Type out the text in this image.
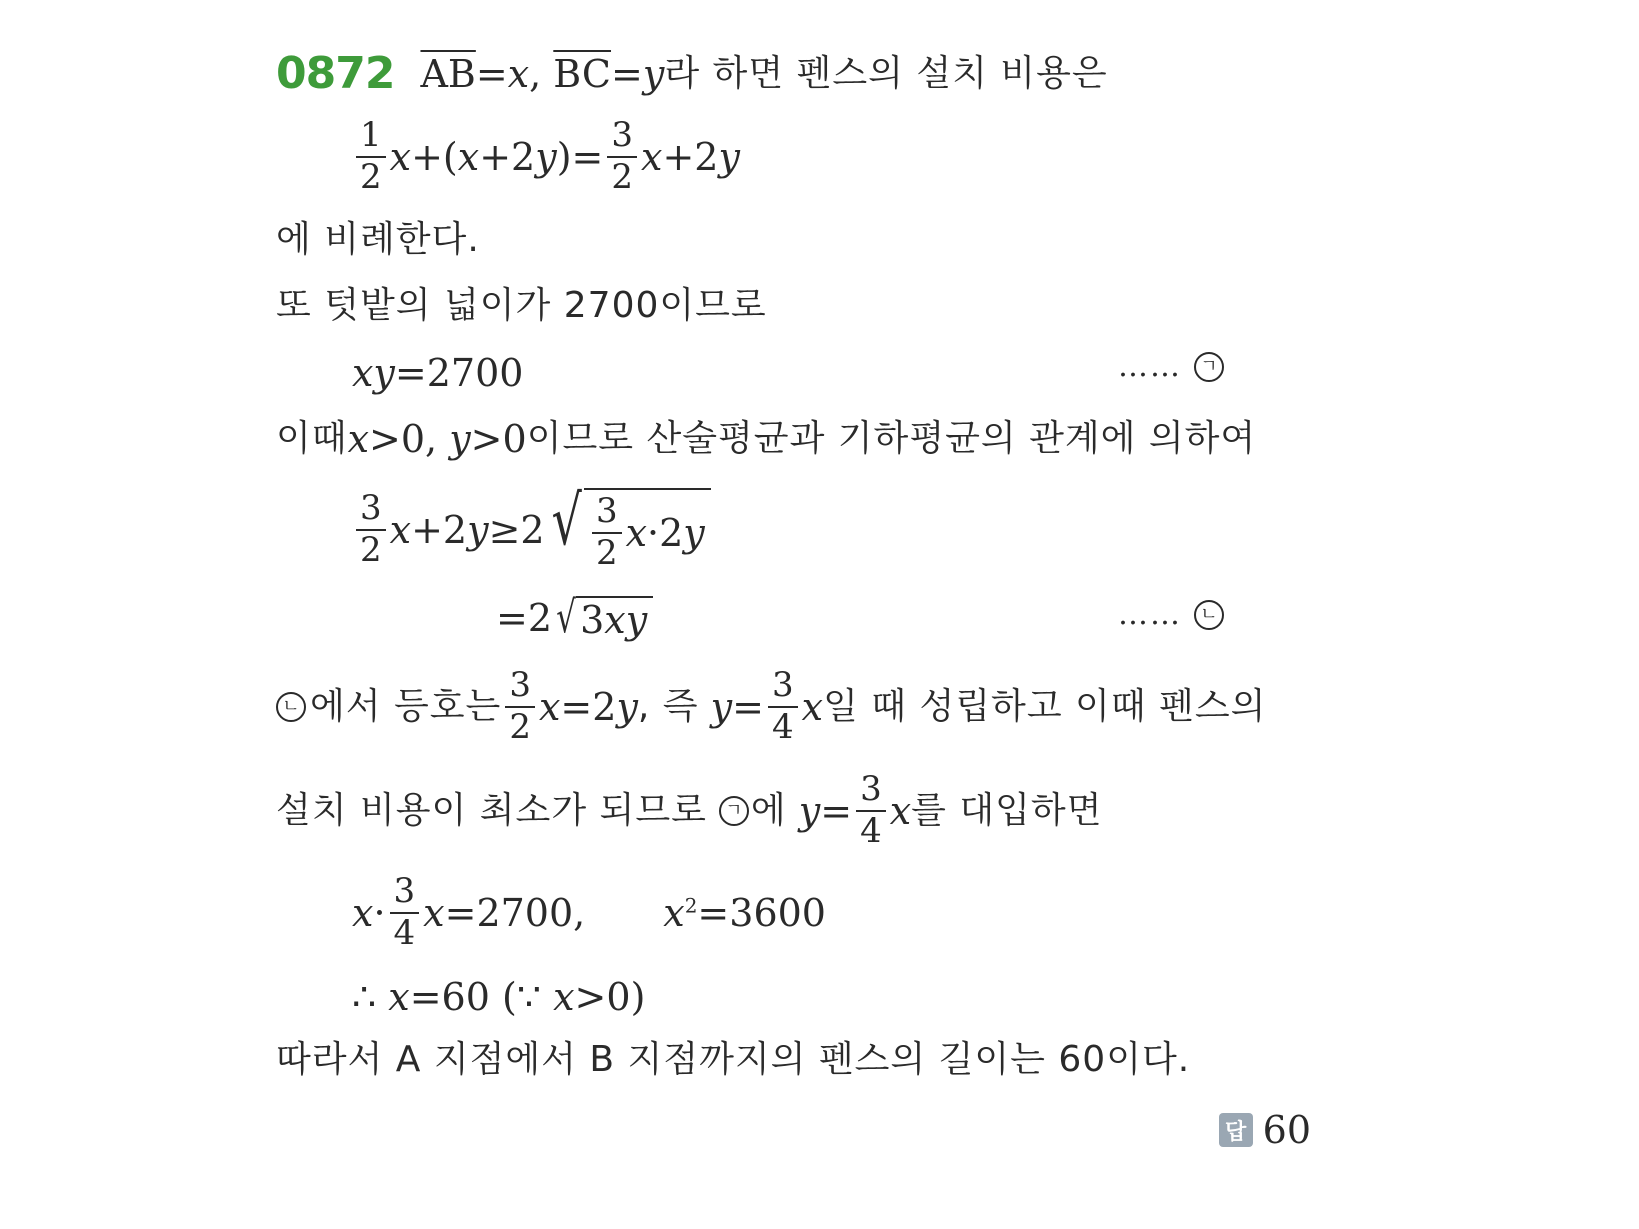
0872 $\overline{AB}=x$, $\overline{BC}=y$ 라 하면 펜스의 설치 비용은
$\frac{1}{2} x+(x+2y)= \frac{3}{2} x+2y$
에 비례한다.
또 텃밭의 넓이가 2700이므로
xy=2700	……	ㄱ
이때 x>0, y>0 이므로 산술평균과 기하평균의 관계에 의하여
$\frac{3}{2} x+2y\ge 2$ √ $\frac{3}{2} x\cdot 2y$
=2 √ 3xy	……	ㄴ
ㄴ 에서 등호는 $\frac{3}{2} x=2y$ , 즉 $y= \frac{3}{4}$ x 일 때 성립하고 이때 펜스의
설치 비용이 최소가 되므로	ㄱ 에 $y= \frac{3}{4}$ x 를 대입하면
$x\cdot \frac{3}{4} x=2700$, $x^2=3600$
∴ x=60 (∵ x>0)
따라서 A 지점에서 B 지점까지의 펜스의 길이는 60이다.
답 60
